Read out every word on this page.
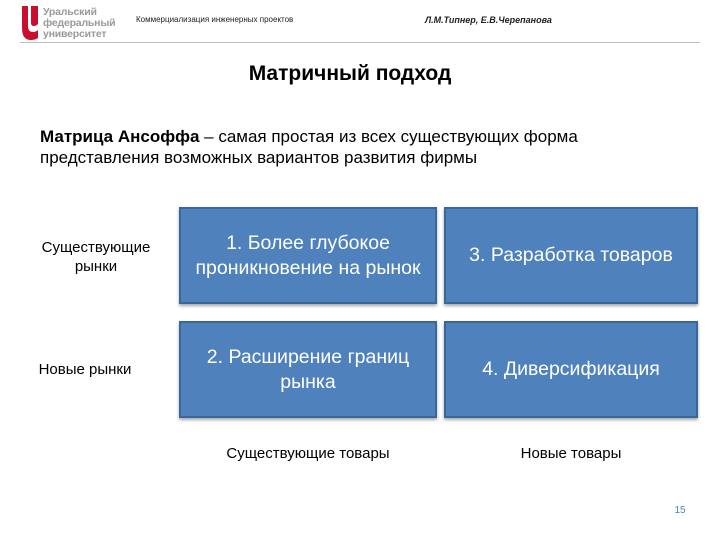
Уральский
федеральный
университет
Коммерциализация инженерных проектов	Л.М.Типнер, Е.В.Черепанова
Матричный подход
Матрица Ансоффа – самая простая из всех существующих форма представления возможных вариантов развития фирмы
Существующие рынки
Новые рынки
1. Более глубокое проникновение на рынок
3. Разработка товаров
2. Расширение границ рынка
4. Диверсификация
Существующие товары	Новые товары
15
